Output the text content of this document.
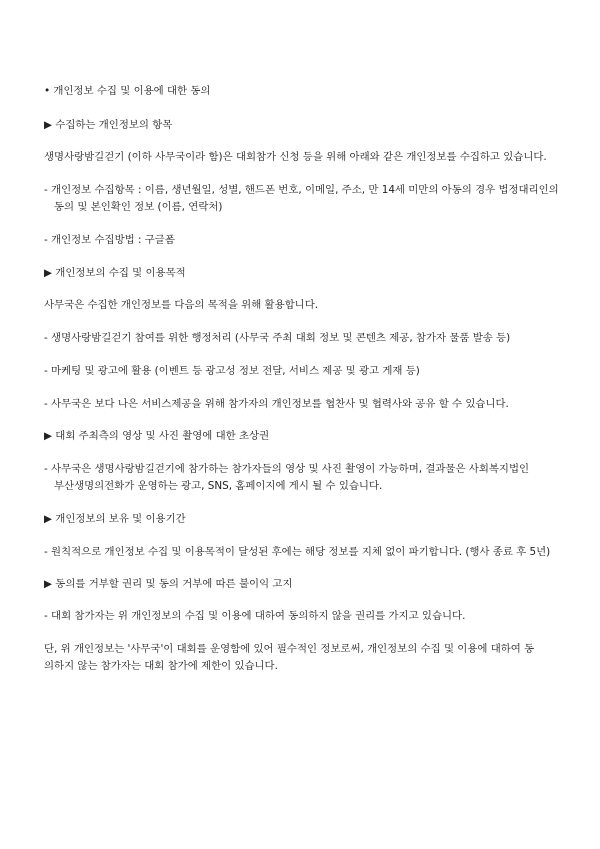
• 개인정보 수집 및 이용에 대한 동의
▶ 수집하는 개인정보의 항목
생명사랑밤길걷기 (이하 사무국이라 함)은 대회참가 신청 등을 위해 아래와 같은 개인정보를 수집하고 있습니다.
- 개인정보 수집항목 : 이름, 생년월일, 성별, 핸드폰 번호, 이메일, 주소, 만 14세 미만의 아동의 경우 법정대리인의
동의 및 본인확인 정보 (이름, 연락처)
- 개인정보 수집방법 : 구글폼
▶ 개인정보의 수집 및 이용목적
사무국은 수집한 개인정보를 다음의 목적을 위해 활용합니다.
- 생명사랑밤길걷기 참여를 위한 행정처리 (사무국 주최 대회 정보 및 콘텐츠 제공, 참가자 물품 발송 등)
- 마케팅 및 광고에 활용 (이벤트 등 광고성 정보 전달, 서비스 제공 및 광고 게재 등)
- 사무국은 보다 나은 서비스제공을 위해 참가자의 개인정보를 협찬사 및 협력사와 공유 할 수 있습니다.
▶ 대회 주최측의 영상 및 사진 촬영에 대한 초상권
- 사무국은 생명사랑밤길걷기에 참가하는 참가자들의 영상 및 사진 촬영이 가능하며, 결과물은 사회복지법인
부산생명의전화가 운영하는 광고, SNS, 홈페이지에 게시 될 수 있습니다.
▶ 개인정보의 보유 및 이용기간
- 원칙적으로 개인정보 수집 및 이용목적이 달성된 후에는 해당 정보를 지체 없이 파기합니다. (행사 종료 후 5년)
▶ 동의를 거부할 권리 및 동의 거부에 따른 불이익 고지
- 대회 참가자는 위 개인정보의 수집 및 이용에 대하여 동의하지 않을 권리를 가지고 있습니다.
단, 위 개인정보는 '사무국'이 대회를 운영함에 있어 필수적인 정보로써, 개인정보의 수집 및 이용에 대하여 동
의하지 않는 참가자는 대회 참가에 제한이 있습니다.
